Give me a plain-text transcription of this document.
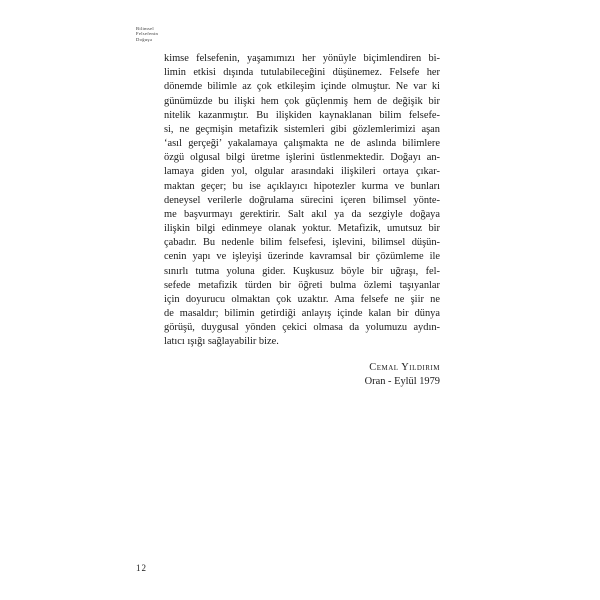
Bilimsel
Felsefenin
Doğuşu
kimse felsefenin, yaşamımızı her yönüyle biçimlendiren bi-
limin etkisi dışında tutulabileceğini düşünemez. Felsefe her
dönemde bilimle az çok etkileşim içinde olmuştur. Ne var ki
günümüzde bu ilişki hem çok güçlenmiş hem de değişik bir
nitelik kazanmıştır. Bu ilişkiden kaynaklanan bilim felsefe-
si, ne geçmişin metafizik sistemleri gibi gözlemlerimizi aşan
‘asıl gerçeği’ yakalamaya çalışmakta ne de aslında bilimlere
özgü olgusal bilgi üretme işlerini üstlenmektedir. Doğayı an-
lamaya giden yol, olgular arasındaki ilişkileri ortaya çıkar-
maktan geçer; bu ise açıklayıcı hipotezler kurma ve bunları
deneysel verilerle doğrulama sürecini içeren bilimsel yönte-
me başvurmayı gerektirir. Salt akıl ya da sezgiyle doğaya
ilişkin bilgi edinmeye olanak yoktur. Metafizik, umutsuz bir
çabadır. Bu nedenle bilim felsefesi, işlevini, bilimsel düşün-
cenin yapı ve işleyişi üzerinde kavramsal bir çözümleme ile
sınırlı tutma yoluna gider. Kuşkusuz böyle bir uğraşı, fel-
sefede metafizik türden bir öğreti bulma özlemi taşıyanlar
için doyurucu olmaktan çok uzaktır. Ama felsefe ne şiir ne
de masaldır; bilimin getirdiği anlayış içinde kalan bir dünya
görüşü, duygusal yönden çekici olmasa da yolumuzu aydın-
latıcı ışığı sağlayabilir bize.
Cemal Yıldırım
Oran - Eylül 1979
12
